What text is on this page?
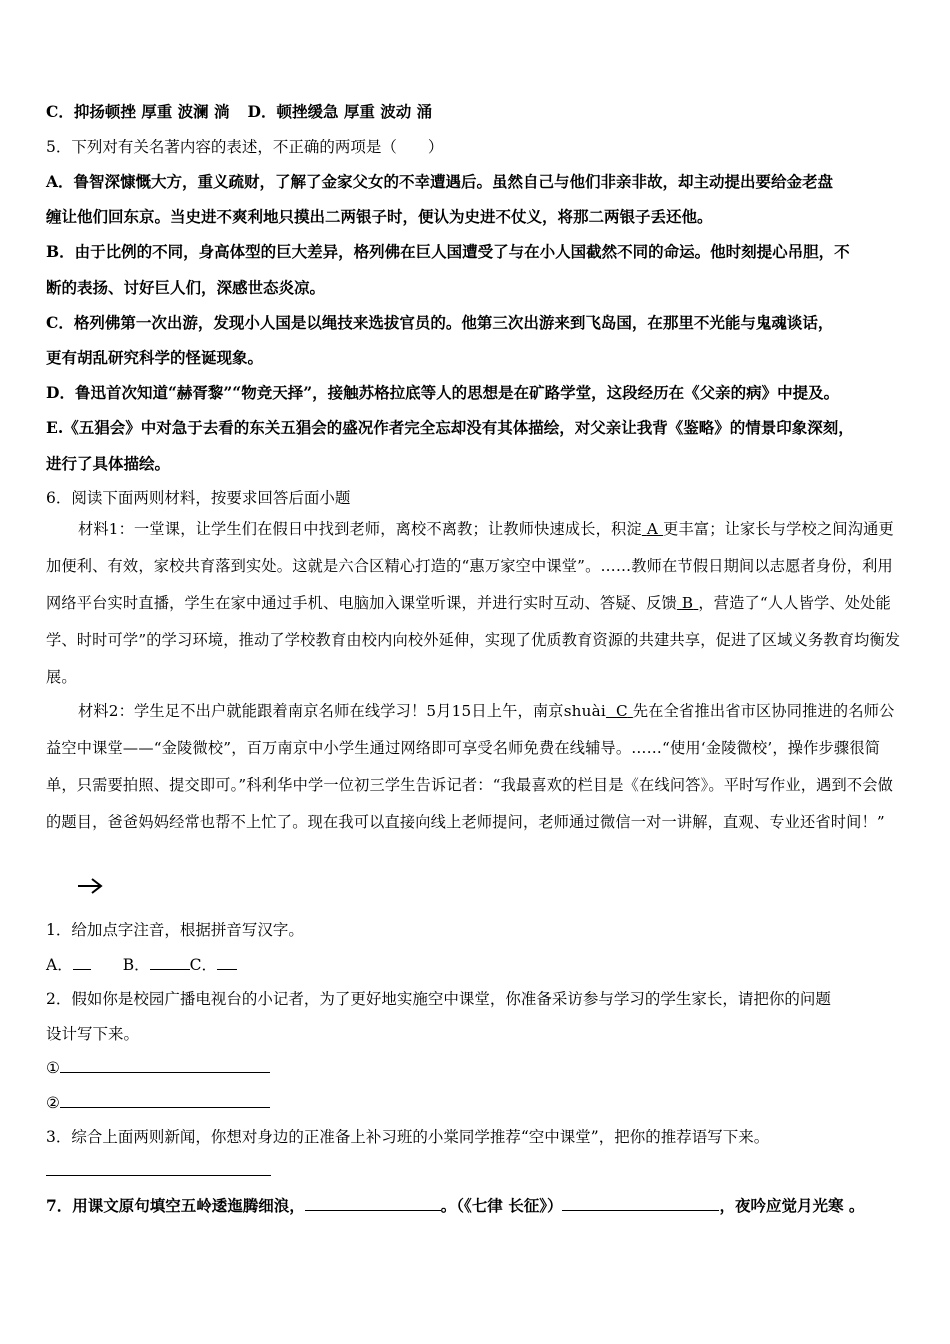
C．抑扬顿挫 厚重 波澜 淌 D．顿挫缓急 厚重 波动 涌
5．下列对有关名著内容的表述，不正确的两项是（　　）
A．鲁智深慷慨大方，重义疏财，了解了金家父女的不幸遭遇后。虽然自己与他们非亲非故，却主动提出要给金老盘
缠让他们回东京。当史进不爽利地只摸出二两银子时，便认为史进不仗义，将那二两银子丢还他。
B．由于比例的不同，身高体型的巨大差异，格列佛在巨人国遭受了与在小人国截然不同的命运。他时刻提心吊胆，不
断的表扬、讨好巨人们，深感世态炎凉。
C．格列佛第一次出游，发现小人国是以绳技来选拔官员的。他第三次出游来到飞岛国，在那里不光能与鬼魂谈话，
更有胡乱研究科学的怪诞现象。
D．鲁迅首次知道“赫胥黎”“物竞天择”，接触苏格拉底等人的思想是在矿路学堂，这段经历在《父亲的病》中提及。
E.《五猖会》中对急于去看的东关五猖会的盛况作者完全忘却没有其体描绘，对父亲让我背《鉴略》的情景印象深刻，
进行了具体描绘。
6．阅读下面两则材料，按要求回答后面小题
材料1：一堂课，让学生们在假日中找到老师，离校不离教；让教师快速成长，积淀 A 更丰富；让家长与学校之间沟通更加便利、有效，家校共育落到实处。这就是六合区精心打造的“惠万家空中课堂”。……教师在节假日期间以志愿者身份，利用网络平台实时直播，学生在家中通过手机、电脑加入课堂听课，并进行实时互动、答疑、反馈 B ，营造了“人人皆学、处处能学、时时可学”的学习环境，推动了学校教育由校内向校外延伸，实现了优质教育资源的共建共享，促进了区域义务教育均衡发展。
材料2：学生足不出户就能跟着南京名师在线学习！5月15日上午，南京shuài C 先在全省推出省市区协同推进的名师公益空中课堂——“金陵微校”，百万南京中小学生通过网络即可享受名师免费在线辅导。……“使用‘金陵微校’，操作步骤很简单，只需要拍照、提交即可。”科利华中学一位初三学生告诉记者：“我最喜欢的栏目是《在线问答》。平时写作业，遇到不会做的题目，爸爸妈妈经常也帮不上忙了。现在我可以直接向线上老师提问，老师通过微信一对一讲解，直观、专业还省时间！”
1．给加点字注音，根据拼音写汉字。
A．	B．	C．
2．假如你是校园广播电视台的小记者，为了更好地实施空中课堂，你准备采访参与学习的学生家长，请把你的问题
设计写下来。
①
②
3．综合上面两则新闻，你想对身边的正准备上补习班的小棠同学推荐“空中课堂”，把你的推荐语写下来。
7．用课文原句填空五岭逶迤腾细浪，	。（《七律 长征》）	，夜吟应觉月光寒 。
